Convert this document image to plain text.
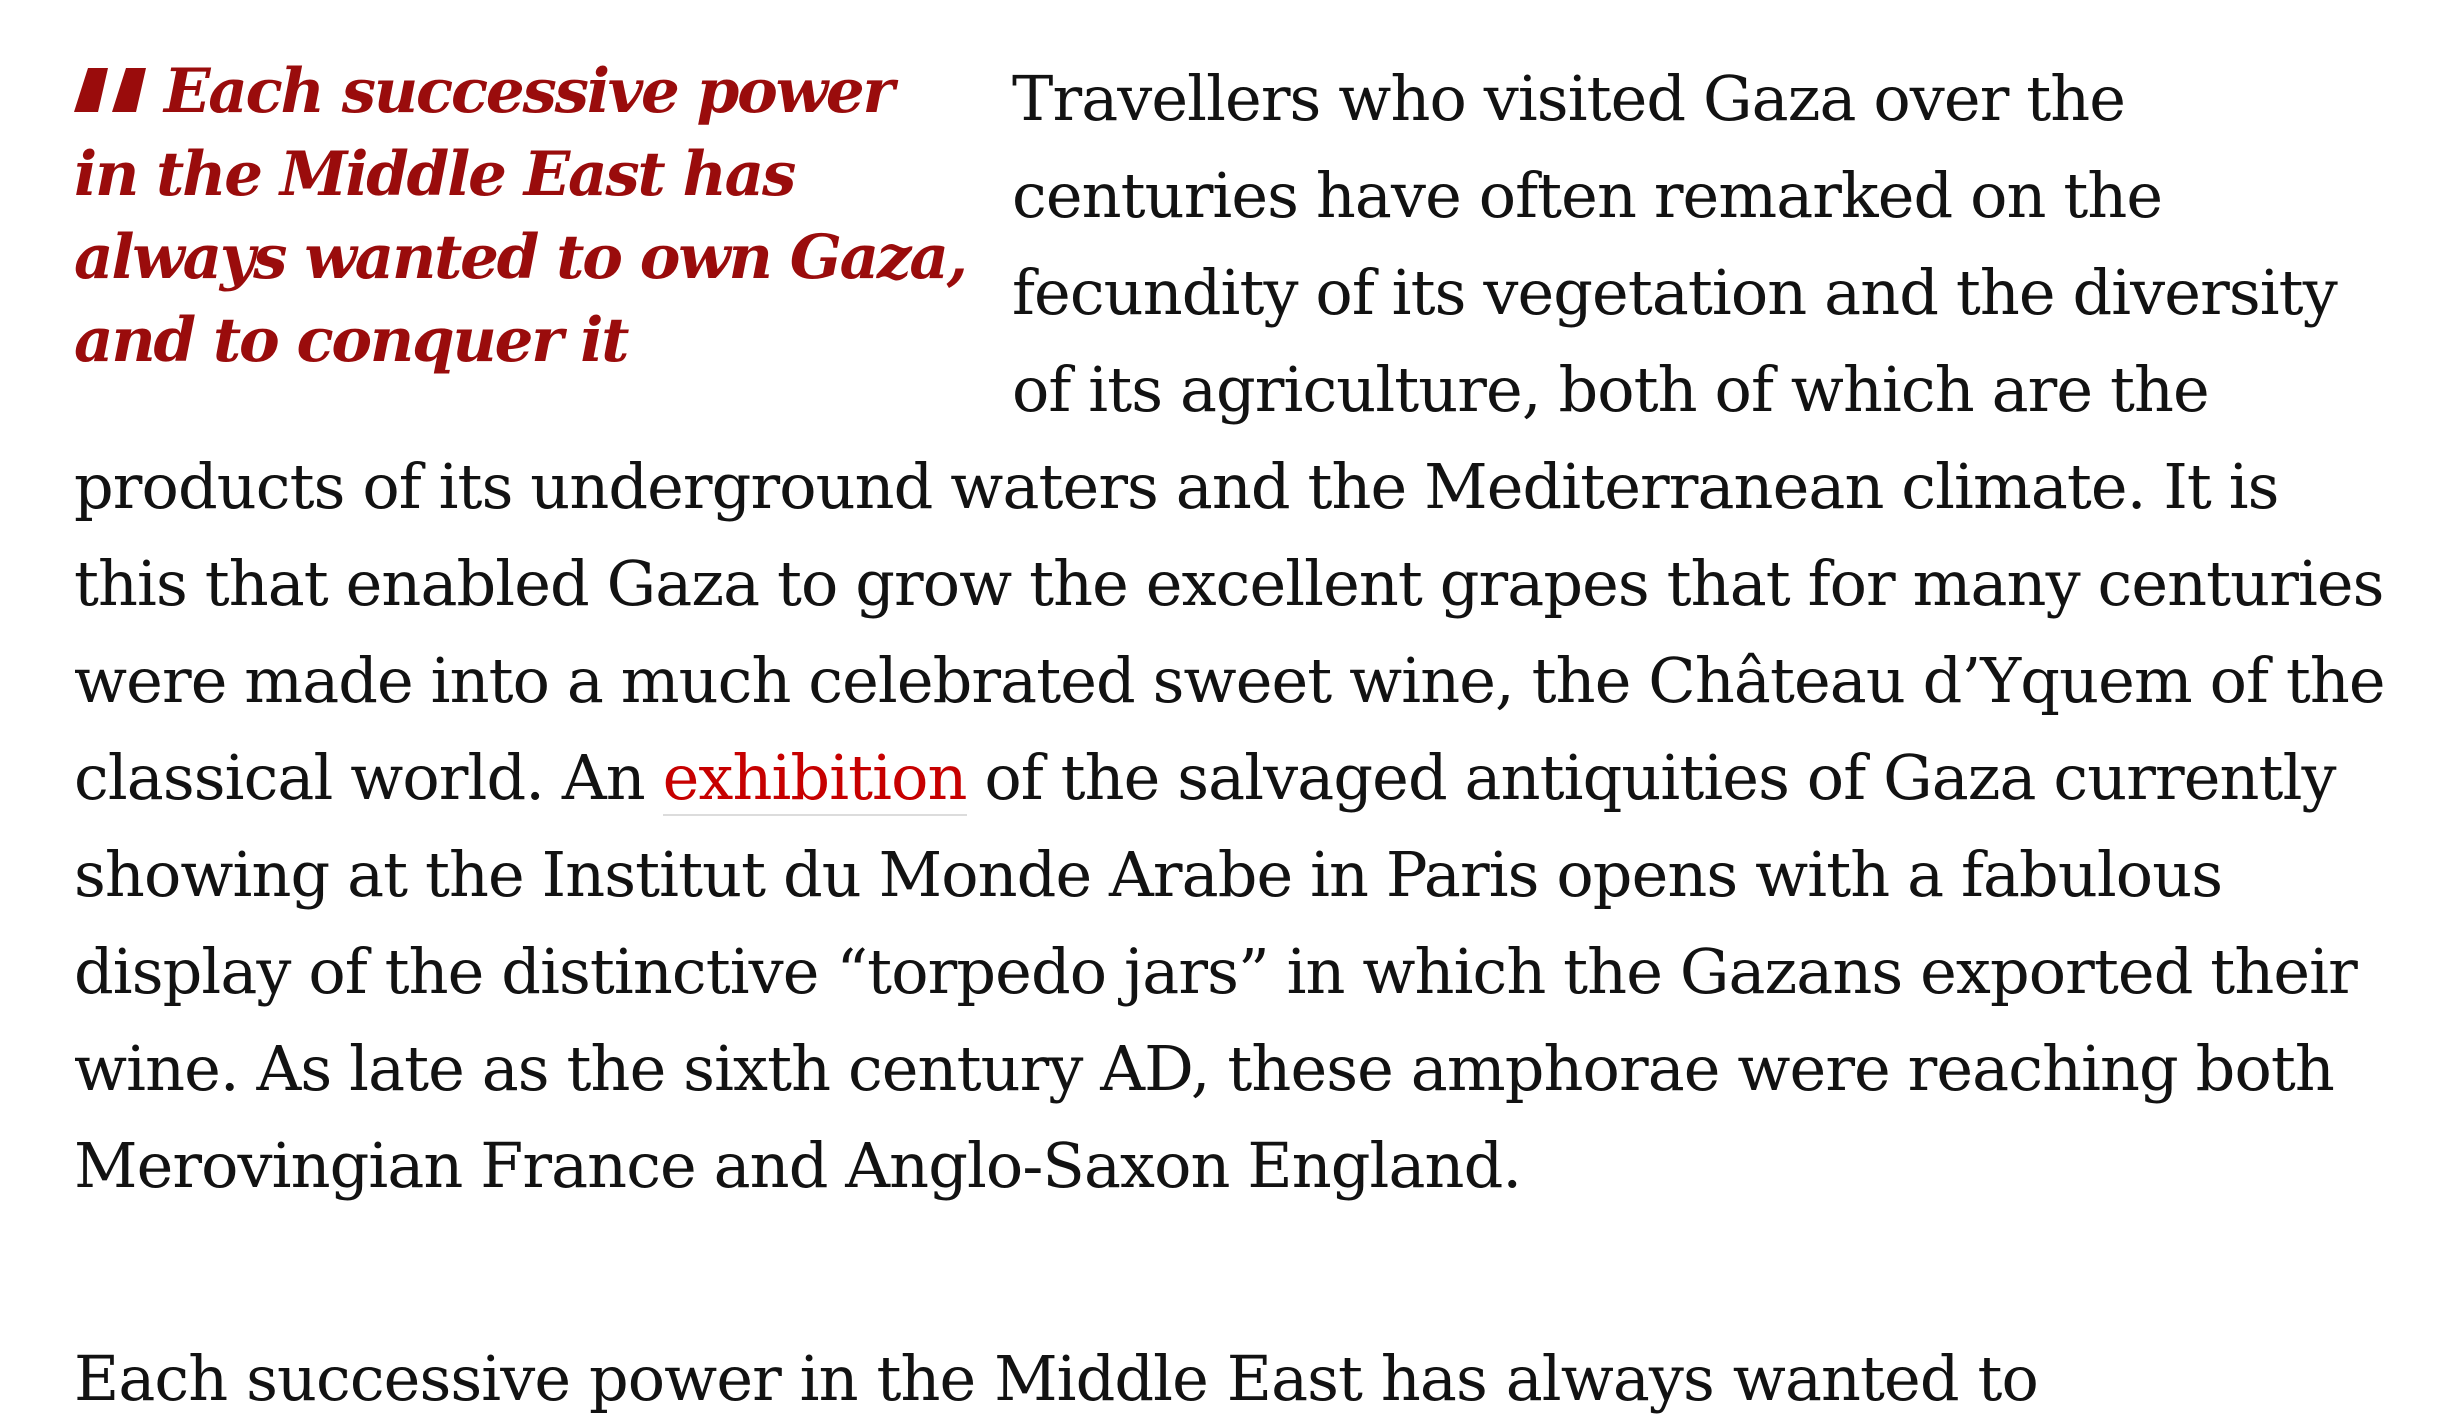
Each successive power in the Middle East has always wanted to own Gaza, and to conquer it

Travellers who visited Gaza over the centuries have often remarked on the fecundity of its vegetation and the diversity of its agriculture, both of which are the products of its underground waters and the Mediterranean climate. It is this that enabled Gaza to grow the excellent grapes that for many centuries were made into a much celebrated sweet wine, the Château d’Yquem of the classical world. An exhibition of the salvaged antiquities of Gaza currently showing at the Institut du Monde Arabe in Paris opens with a fabulous display of the distinctive “torpedo jars” in which the Gazans exported their wine. As late as the sixth century AD, these amphorae were reaching both Merovingian France and Anglo-Saxon England.

Each successive power in the Middle East has always wanted to
